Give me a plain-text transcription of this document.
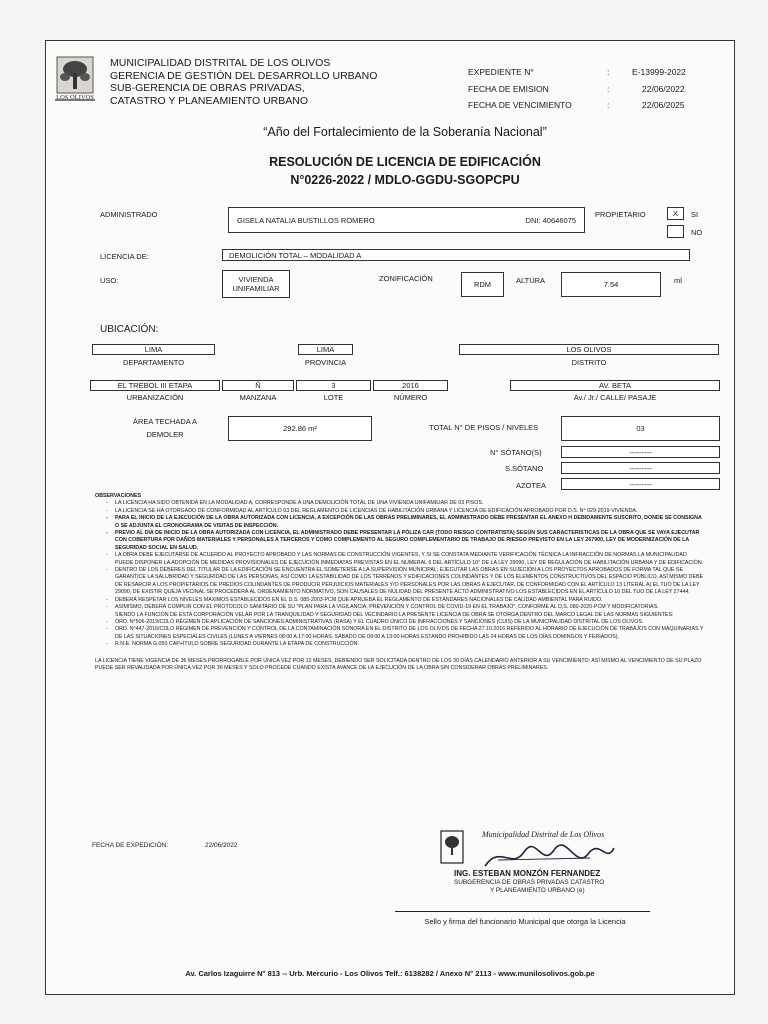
LOS OLIVOS
MUNICIPALIDAD DISTRITAL DE LOS OLIVOS
GERENCIA DE GESTIÓN DEL DESARROLLO URBANO
SUB-GERENCIA DE OBRAS PRIVADAS,
CATASTRO Y PLANEAMIENTO URBANO
EXPEDIENTE N°	:	E-13999-2022
FECHA DE EMISION	:	22/06/2022
FECHA DE VENCIMIENTO	:	22/06/2025
“Año del Fortalecimiento de la Soberanía Nacional”
RESOLUCIÓN DE LICENCIA DE EDIFICACIÓN
N°0226-2022 / MDLO-GGDU-SGOPCPU
ADMINISTRADO
GISELA NATALIA BUSTILLOS ROMERO	DNI: 40646075
PROPIETARIO	X SI
NO
LICENCIA DE:	DEMOLICIÓN TOTAL – MODALIDAD A
USO:	VIVIENDA
UNIFAMILIAR
ZONIFICACIÓN
RDM	ALTURA	7.54	ml
UBICACIÓN:
LIMA
DEPARTAMENTO
LIMA
PROVINCIA
LOS OLIVOS
DISTRITO
EL TREBOL III ETAPA
URBANIZACIÓN
Ñ
MANZANA
3
LOTE
2016
NÚMERO
AV. BETA
Av./ Jr./ CALLE/ PASAJE
ÁREA TECHADA A
DEMOLER
292.86 m²	TOTAL N° DE PISOS / NIVELES	03
N° SÓTANO(S)	---------
S.SÓTANO	---------
AZOTEA	---------
OBSERVACIONES
- LA LICENCIA HA SIDO OBTENIDA EN LA MODALIDAD A, CORRESPONDE A UNA DEMOLICIÓN TOTAL DE UNA VIVIENDA UNIFAMILIAR DE 03 PISOS.
- LA LICENCIA SE HA OTORGADO DE CONFORMIDAD AL ARTÍCULO 63 DEL REGLAMENTO DE LICENCIAS DE HABILITACIÓN URBANA Y LICENCIA DE EDIFICACIÓN APROBADO POR D.S. N° 029-2019-VIVIENDA.
- PARA EL INICIO DE LA EJECUCIÓN DE LA OBRA AUTORIZADA CON LICENCIA, A EXCEPCIÓN DE LAS OBRAS PRELIMINARES, EL ADMINISTRADO DEBE PRESENTAR EL ANEXO H DEBIDAMENTE SUSCRITO, DONDE SE CONSIGNA O SE ADJUNTA EL CRONOGRAMA DE VISITAS DE INSPECCIÓN.
- PREVIO AL DIA DE INICIO DE LA OBRA AUTORIZADA CON LICENCIA, EL ADMINISTRADO DEBE PRESENTAR LA PÓLIZA CAR (TODO RIESGO CONTRATISTA) SEGÚN SUS CARACTERISTICAS DE LA OBRA QUE SE VAYA EJECUTAR CON COBERTURA POR DAÑOS MATERIALES Y PERSONALES A TERCEROS Y COMO COMPLEMENTO AL SEGURO COMPLEMENTARIO DE TRABAJO DE RIESGO PREVISTO EN LA LEY 267900, LEY DE MODERNIZACIÓN DE LA SEGURIDAD SOCIAL EN SALUD.
- LA OBRA DEBE EJECUTARSE DE ACUERDO AL PROYECTO APROBADO Y LAS NORMAS DE CONSTRUCCIÓN VIGENTES, Y SI SE CONSTATA MEDIANTE VERIFICACIÓN TÉCNICA LA INFRACCIÓN DE NORMAS LA MUNICIPALIDAD PUEDE DISPONER LA ADOPCIÓN DE MEDIDAS PROVISIONALES DE EJECUCIÓN INMEDIATAS PREVISTAS EN EL NUMERAL 6 DEL ARTÍCULO 10° DE LA LEY 29090, LEY DE REGULACIÓN DE HABILITACIÓN URBANA Y DE EDIFICACIÓN.
- DENTRO DE LOS DEBERES DEL TITULAR DE LA EDIFICACIÓN SE ENCUENTRA EL SOMETERSE A LA SUPERVISIÓN MUNICIPAL; EJECUTAR LAS OBRAS EN SUJECIÓN A LOS PROYECTOS APROBADOS DE FORMA TAL QUE SE GARANTICE LA SALUBRIDAD Y SEGURIDAD DE LAS PERSONAS, ASÍ COMO LA ESTABILIDAD DE LOS TERRENOS Y EDIFICACIONES COLINDANTES Y DE LOS ELEMENTOS CONSTRUCTIVOS DEL ESPACIO PÚBLICO, ASÍ MISMO DEBE DE RESARCIR A LOS PROPIETARIOS DE PREDIOS COLINDANTES DE PRODUCIR PERJUICIOS MATERIALES Y/O PERSONALES POR LAS OBRAS A EJECUTAR, DE CONFORMIDAD CON EL ARTÍCULO 13 LITERAL A) EL TUO DE LA LEY 29090, DE EXISTIR QUEJA VECINAL SE PROCEDERÁ AL ORDENAMIENTO NORMATIVO, SON CAUSALES DE NULIDAD DEL PRESENTE ACTO ADMINISTRATIVO LOS ESTABLECIDOS EN EL ARTÍCULO 10 DEL TUO DE LA LEY 27444.
- DEBERÁ RESPETAR LOS NIVELES MAXIMOS ESTABLECIDOS EN EL D.S. 085-2003-PCM QUE APRUEBA EL REGLAMENTO DE ESTÁNDARES NACIONALES DE CALIDAD AMBIENTAL PARA RUIDO.
- ASIMISMO, DEBERÁ CUMPLIR CON EL PROTOCOLO SANITARIO DE SU "PLAN PARA LA VIGILANCIA, PREVENCIÓN Y CONTROL DE COVID-19 EN EL TRABAJO", CONFORME AL D.S. 080-2020-PCM Y MODIFICATORIAS.

SIENDO LA FUNCIÓN DE ESTA CORPORACIÓN VELAR POR LA TRANQUILIDAD Y SEGURIDAD DEL VECINDARIO LA PRESENTE LICENCIA DE OBRA SE OTORGA DENTRO DEL MARCO LEGAL DE LAS NORMAS SIGUIENTES:

- ORD. N°506-2019/CDLO RÉGIMEN DE APLICACIÓN DE SANCIONES ADMINISTRATIVAS (RASA) Y EL CUADRO ÚNICO DE INFRACCIONES Y SANCIONES (CUIS) DE LA MUNICIPALIDAD DISTRITAL DE LOS OLIVOS.
- ORD. N°447-2016/CDLO RÉGIMEN DE PREVENCIÓN Y CONTROL DE LA CONTAMINACIÓN SONORA EN EL DISTRITO DE LOS OLIVOS DE FECHA 27.10.2016 REFERIDO AL HORARIO DE EJECUCIÓN DE TRABAJOS CON MAQUINARIAS Y DE LAS SITUACIONES ESPECIALES CIVILES (LUNES A VIERNES 08:00 A 17:00 HORAS, SÁBADO DE 09:00 A 13:00 HORAS ESTANDO PROHIBIDO LAS 24 HORAS DE LOS DÍAS DOMINGOS Y FERIADOS).
- R.N.E. NORMA G.050 CAP+ÍTULO SOBRE SEGURIDAD DURANTE LA ETAPA DE CONSTRUCCIÓN.

LA LICENCIA TIENE VIGENCIA DE 36 MESES PRORROGABLE POR ÚNICA VEZ POR 12 MESES, DEBIENDO SER SOLICITADA DENTRO DE LOS 30 DÍAS CALENDARIO ANTERIOR A SU VENCIMIENTO; ASÍ MISMO AL VENCIMIENTO DE SU PLAZO PUEDE SER REVALIDADA POR ÚNICA VEZ POR 36 MESES Y SOLO PROCEDE CUANDO EXISTA AVANCE DE LA EJECUCIÓN DE LA OBRA SIN CONSIDERAR OBRAS PRELIMINARES.

FECHA DE EXPEDICIÓN:	22/06/2022
Municipalidad Distrital de Los Olivos
ING. ESTEBAN MONZÓN FERNANDEZ
SUBGERENCIA DE OBRAS PRIVADAS CATASTRO
Y PLANEAMIENTO URBANO (e)
Sello y firma del funcionario Municipal que otorga la Licencia
Av. Carlos Izaguirre N° 813 -- Urb. Mercurio - Los Olivos Telf.: 6138282 / Anexo N° 2113 - www.munilosolivos.gob.pe
